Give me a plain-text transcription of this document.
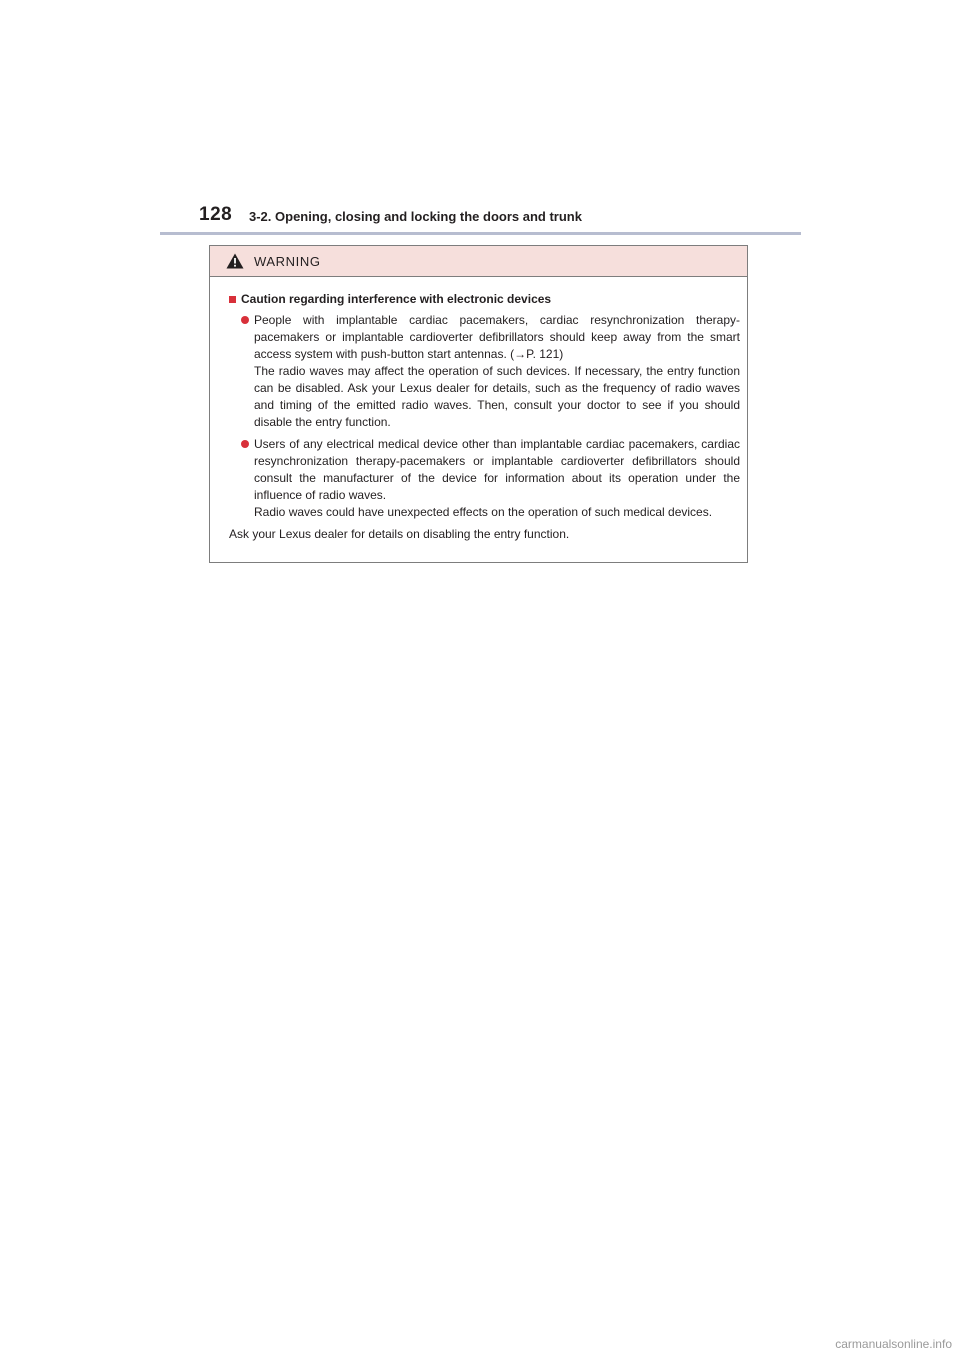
128 3-2. Opening, closing and locking the doors and trunk
WARNING
Caution regarding interference with electronic devices

People with implantable cardiac pacemakers, cardiac resynchronization therapy-pacemakers or implantable cardioverter defibrillators should keep away from the smart access system with push-button start antennas. (→P. 121)

The radio waves may affect the operation of such devices. If necessary, the entry function can be disabled. Ask your Lexus dealer for details, such as the frequency of radio waves and timing of the emitted radio waves. Then, consult your doctor to see if you should disable the entry function.

Users of any electrical medical device other than implantable cardiac pacemakers, cardiac resynchronization therapy-pacemakers or implantable cardioverter defibrillators should consult the manufacturer of the device for information about its operation under the influence of radio waves.

Radio waves could have unexpected effects on the operation of such medical devices.

Ask your Lexus dealer for details on disabling the entry function.

carmanualsonline.info
